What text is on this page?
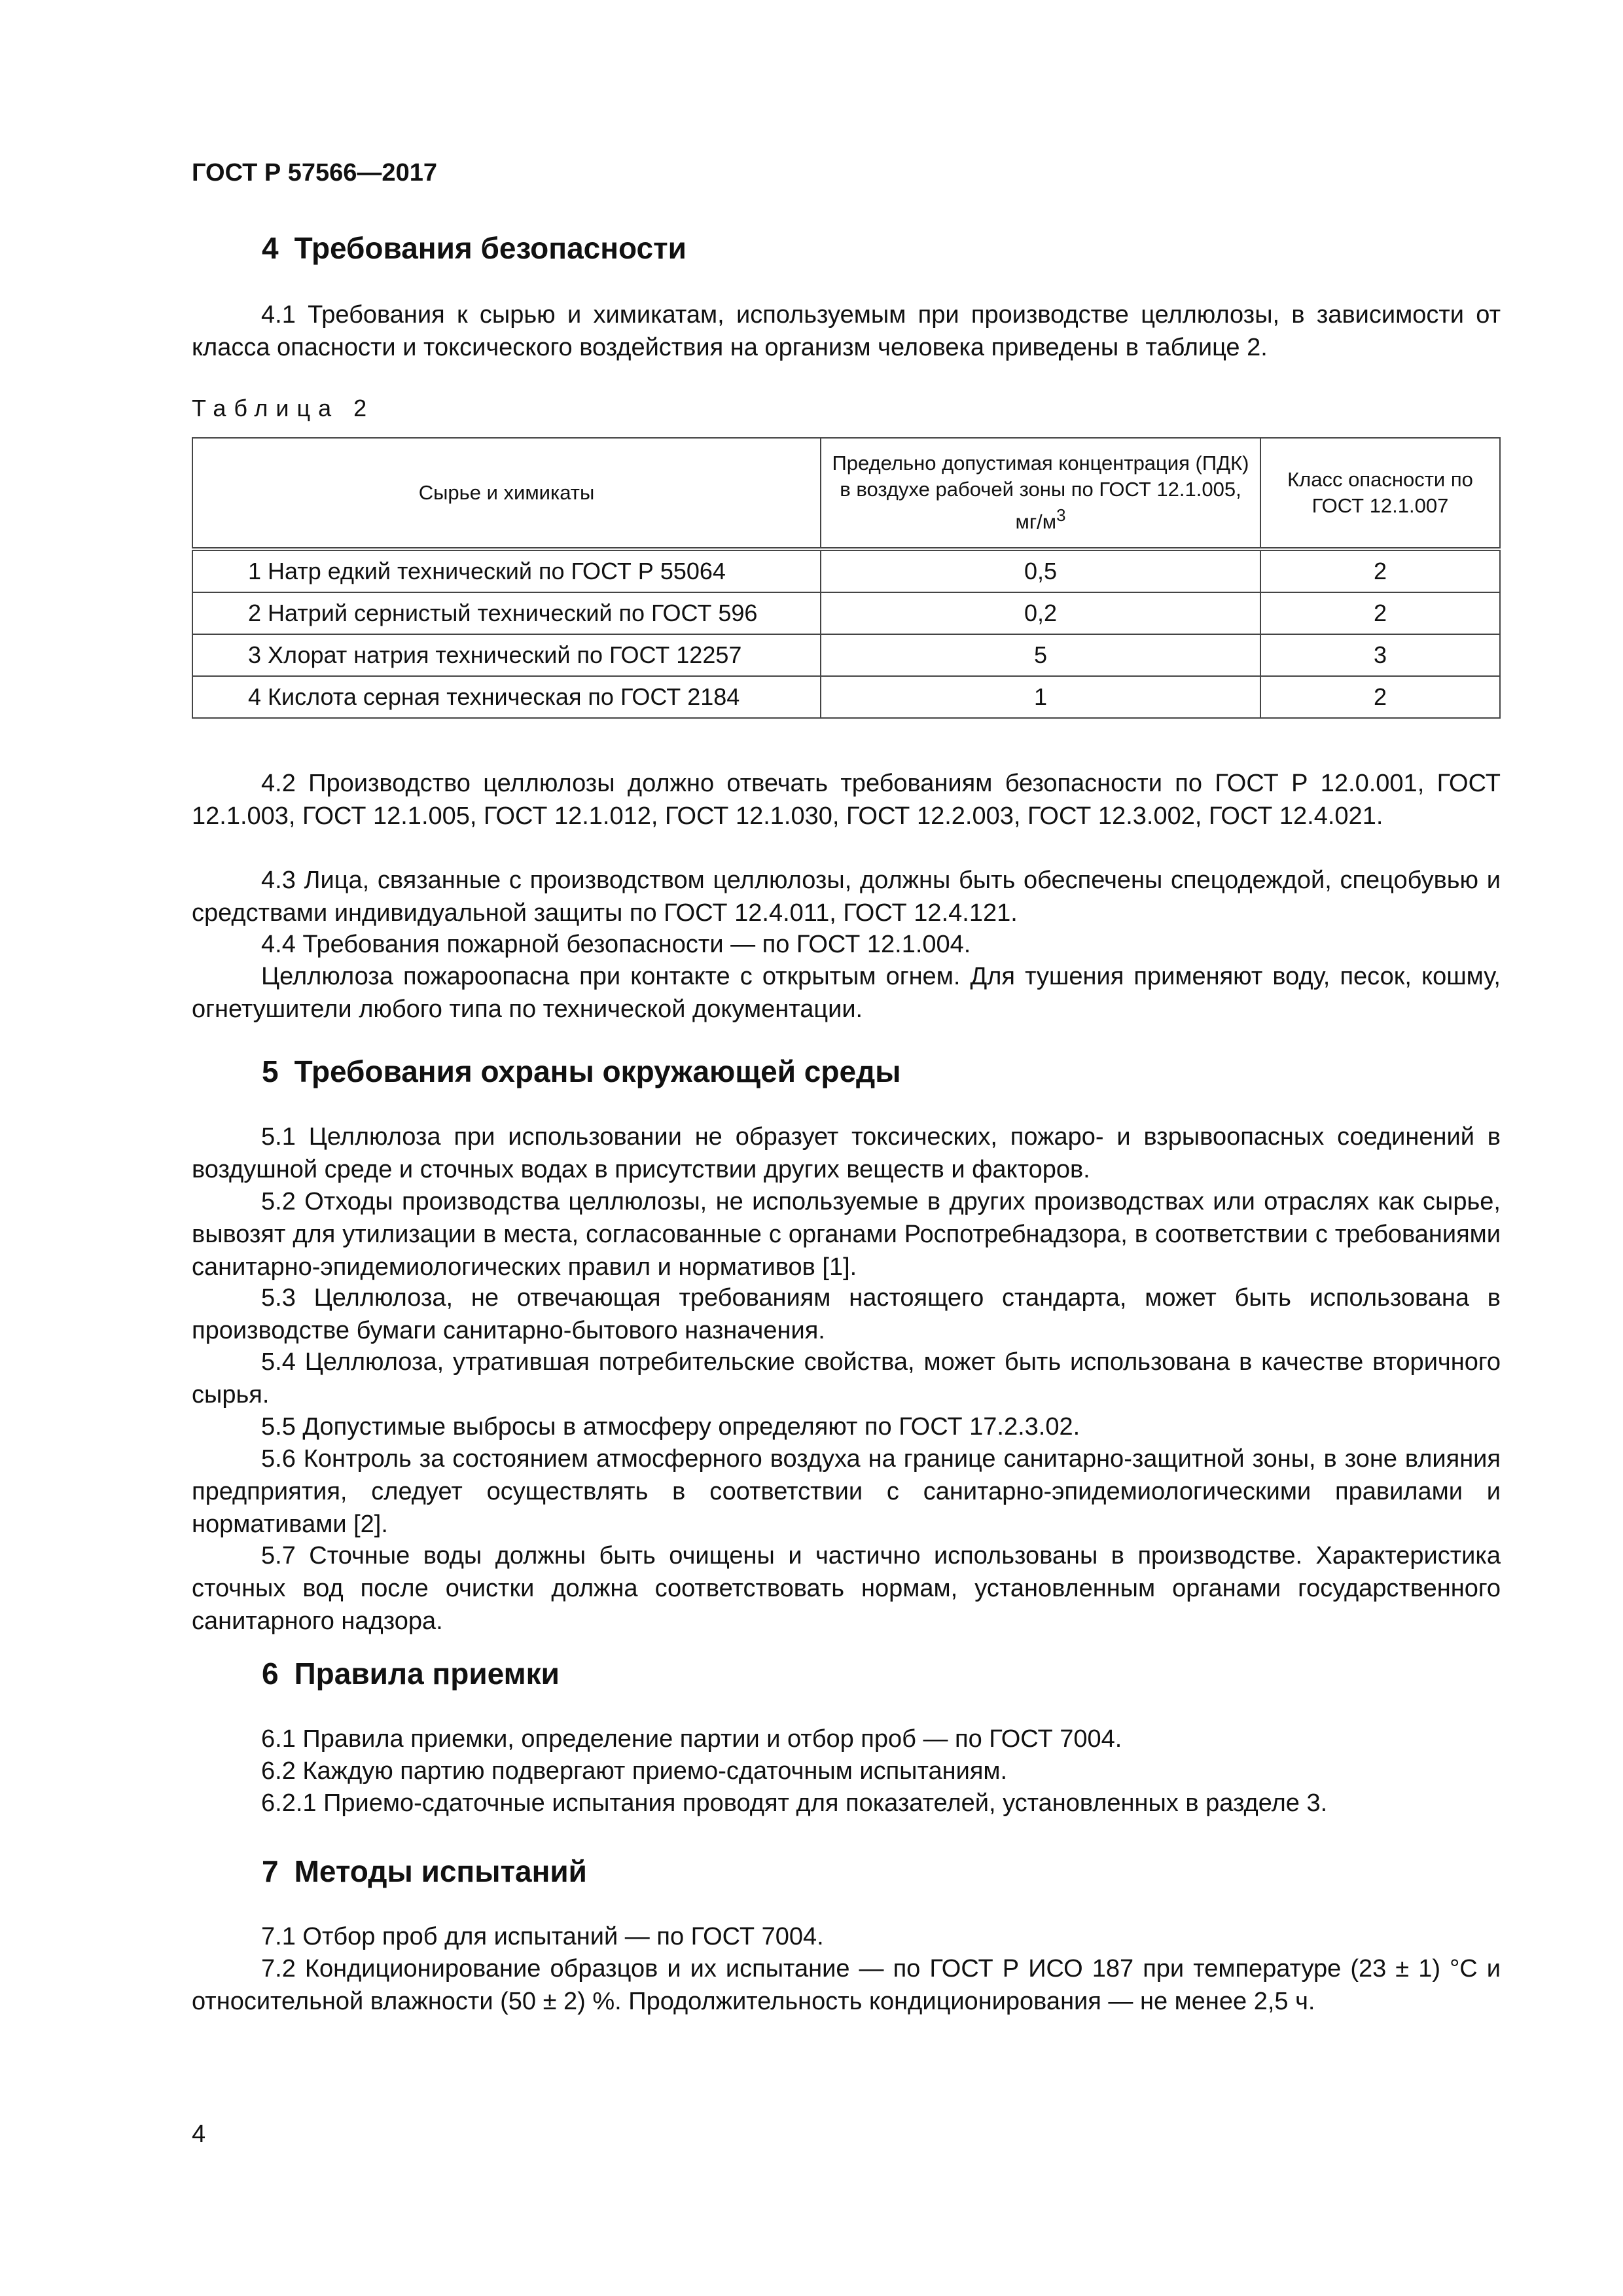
ГОСТ Р 57566—2017
4 Требования безопасности

4.1 Требования к сырью и химикатам, используемым при производстве целлюлозы, в зависимости от класса опасности и токсического воздействия на организм человека приведены в таблице 2.

Таблица 2
Сырье и химикаты	Предельно допустимая концентрация (ПДК) в воздухе рабочей зоны по ГОСТ 12.1.005, $мг/м^3$	Класс опасности по ГОСТ 12.1.007
1 Натр едкий технический по ГОСТ Р 55064	0,5	2
2 Натрий сернистый технический по ГОСТ 596	0,2	2
3 Хлорат натрия технический по ГОСТ 12257	5	3
4 Кислота серная техническая по ГОСТ 2184	1	2

4.2 Производство целлюлозы должно отвечать требованиям безопасности по ГОСТ Р 12.0.001, ГОСТ 12.1.003, ГОСТ 12.1.005, ГОСТ 12.1.012, ГОСТ 12.1.030, ГОСТ 12.2.003, ГОСТ 12.3.002, ГОСТ 12.4.021.

4.3 Лица, связанные с производством целлюлозы, должны быть обеспечены спецодеждой, спецобувью и средствами индивидуальной защиты по ГОСТ 12.4.011, ГОСТ 12.4.121.

4.4 Требования пожарной безопасности — по ГОСТ 12.1.004.

Целлюлоза пожароопасна при контакте с открытым огнем. Для тушения применяют воду, песок, кошму, огнетушители любого типа по технической документации.

5 Требования охраны окружающей среды

5.1 Целлюлоза при использовании не образует токсических, пожаро- и взрывоопасных соединений в воздушной среде и сточных водах в присутствии других веществ и факторов.

5.2 Отходы производства целлюлозы, не используемые в других производствах или отраслях как сырье, вывозят для утилизации в места, согласованные с органами Роспотребнадзора, в соответствии с требованиями санитарно-эпидемиологических правил и нормативов [1].

5.3 Целлюлоза, не отвечающая требованиям настоящего стандарта, может быть использована в производстве бумаги санитарно-бытового назначения.

5.4 Целлюлоза, утратившая потребительские свойства, может быть использована в качестве вторичного сырья.

5.5 Допустимые выбросы в атмосферу определяют по ГОСТ 17.2.3.02.

5.6 Контроль за состоянием атмосферного воздуха на границе санитарно-защитной зоны, в зоне влияния предприятия, следует осуществлять в соответствии с санитарно-эпидемиологическими правилами и нормативами [2].

5.7 Сточные воды должны быть очищены и частично использованы в производстве. Характеристика сточных вод после очистки должна соответствовать нормам, установленным органами государственного санитарного надзора.

6 Правила приемки

6.1 Правила приемки, определение партии и отбор проб — по ГОСТ 7004.

6.2 Каждую партию подвергают приемо-сдаточным испытаниям.

6.2.1 Приемо-сдаточные испытания проводят для показателей, установленных в разделе 3.

7 Методы испытаний

7.1 Отбор проб для испытаний — по ГОСТ 7004.

7.2 Кондиционирование образцов и их испытание — по ГОСТ Р ИСО 187 при температуре (23 ± 1) °С и относительной влажности (50 ± 2) %. Продолжительность кондиционирования — не менее 2,5 ч.

4
